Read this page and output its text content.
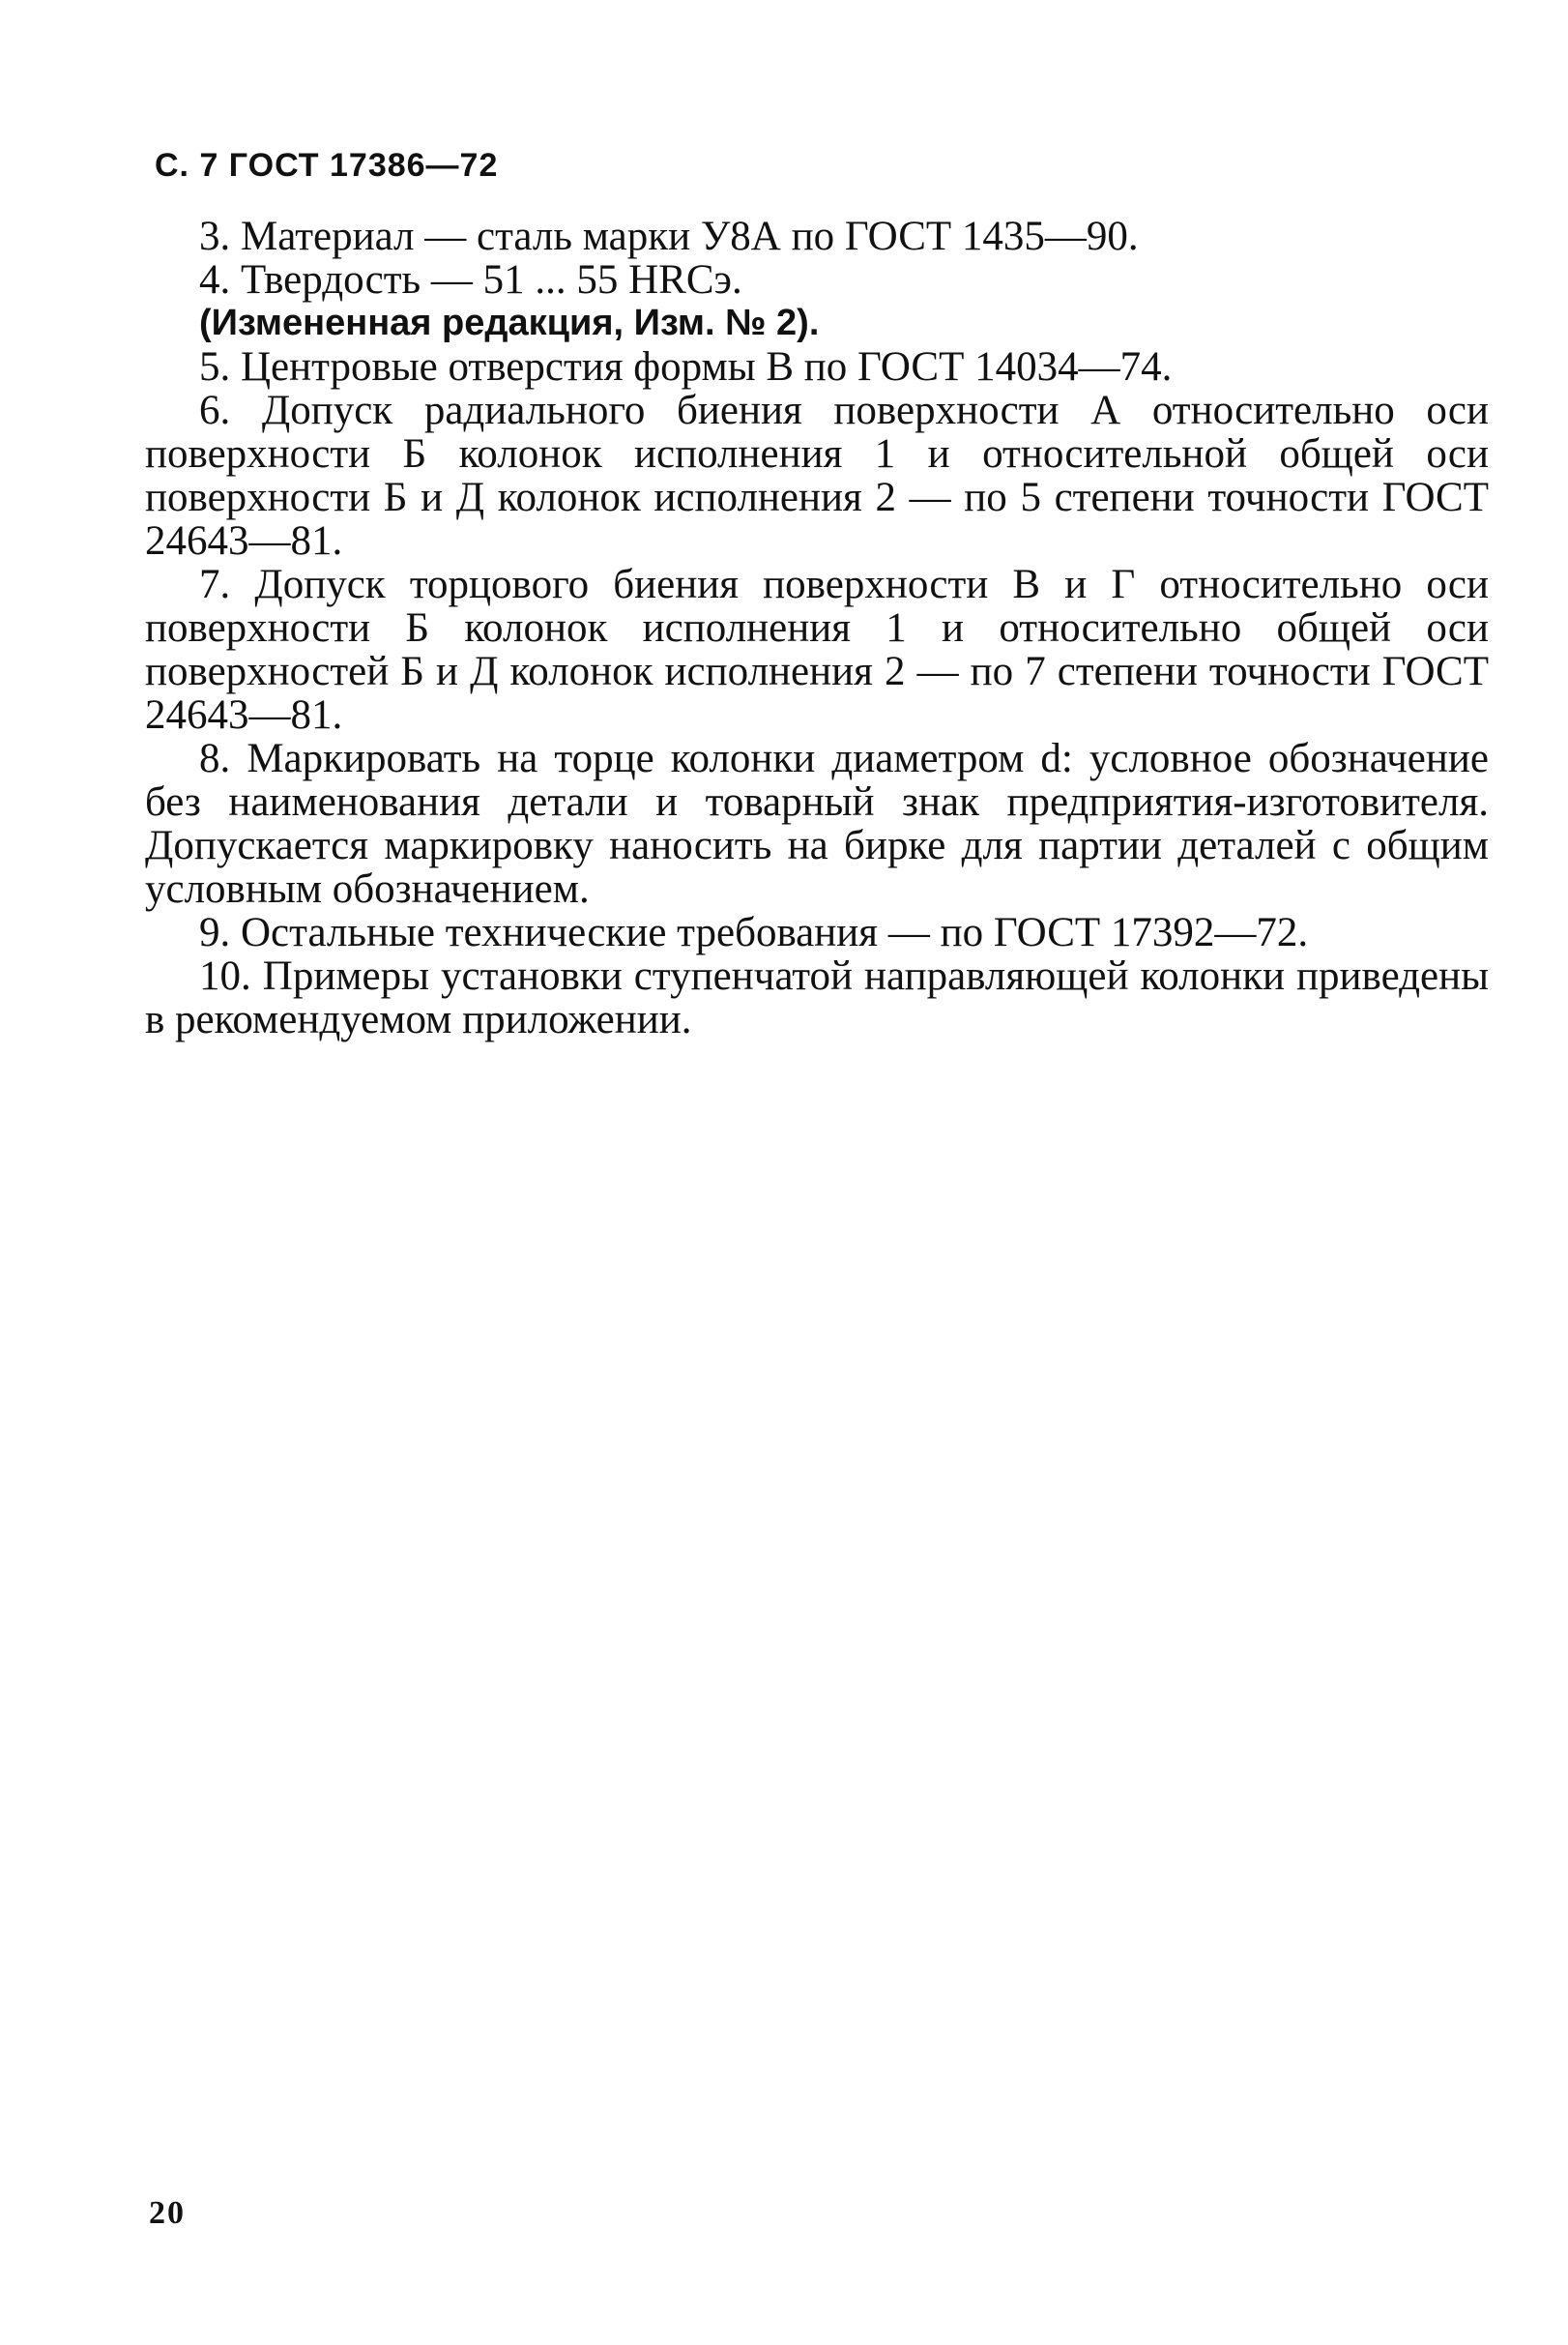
С. 7 ГОСТ 17386—72

3. Материал — сталь марки У8А по ГОСТ 1435—90.

4. Твердость — 51 ... 55 HRCэ.

(Измененная редакция, Изм. № 2).

5. Центровые отверстия формы В по ГОСТ 14034—74.

6. Допуск радиального биения поверхности А относительно оси поверхности Б колонок исполнения 1 и относительной общей оси поверхности Б и Д колонок исполнения 2 — по 5 степени точности ГОСТ 24643—81.

7. Допуск торцового биения поверхности В и Г относительно оси поверхности Б колонок исполнения 1 и относительно общей оси поверхностей Б и Д колонок исполнения 2 — по 7 степени точности ГОСТ 24643—81.

8. Маркировать на торце колонки диаметром d: условное обозначение без наименования детали и товарный знак предприятия-изготовителя. Допускается маркировку наносить на бирке для партии деталей с общим условным обозначением.

9. Остальные технические требования — по ГОСТ 17392—72.

10. Примеры установки ступенчатой направляющей колонки приведены в рекомендуемом приложении.

20
